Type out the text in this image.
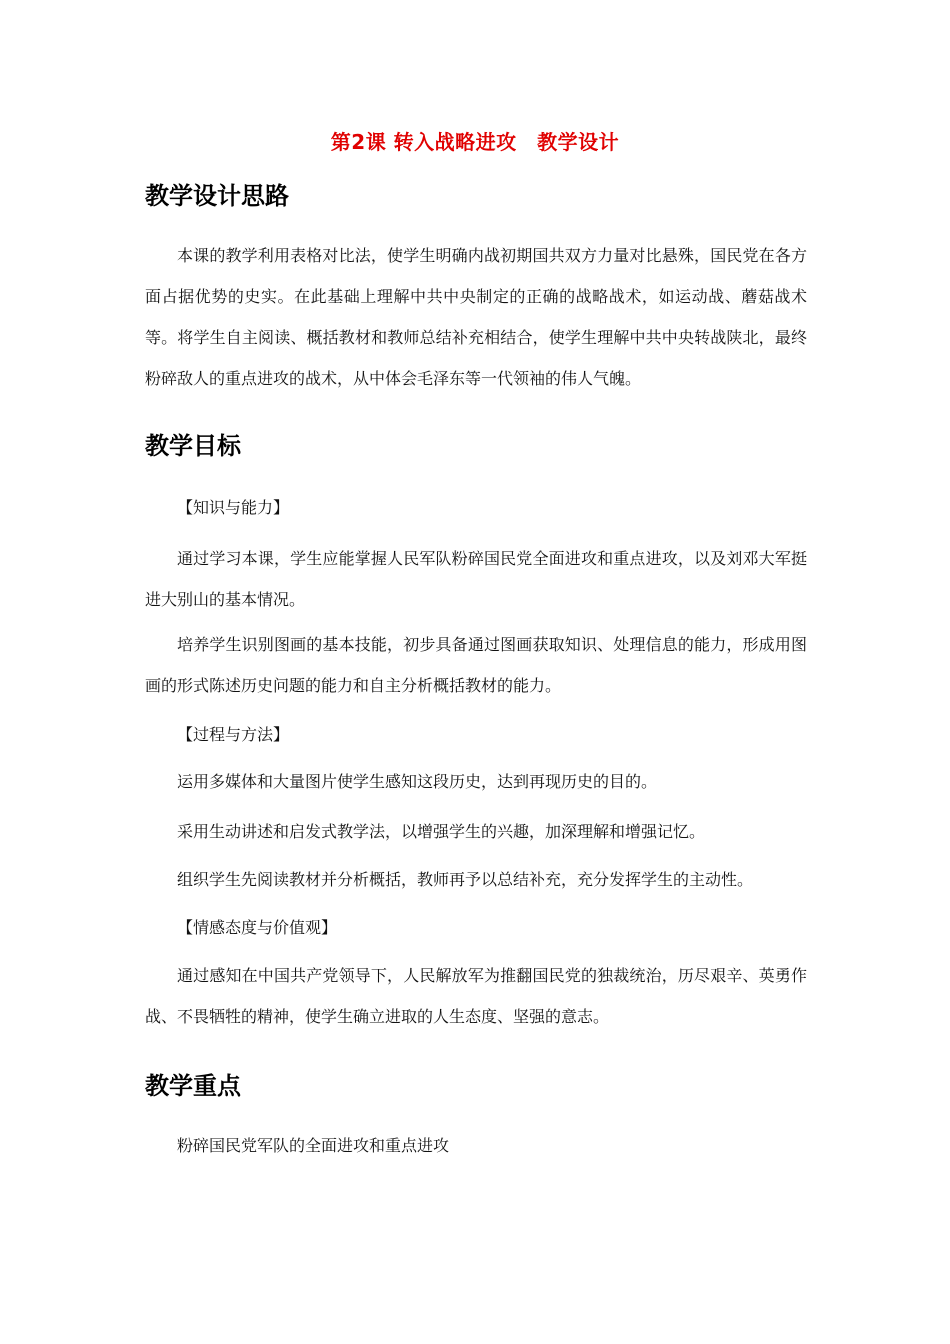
第2课 转入战略进攻　教学设计
教学设计思路

本课的教学利用表格对比法，使学生明确内战初期国共双方力量对比悬殊，国民党在各方面占据优势的史实。在此基础上理解中共中央制定的正确的战略战术，如运动战、蘑菇战术等。将学生自主阅读、概括教材和教师总结补充相结合，使学生理解中共中央转战陕北，最终粉碎敌人的重点进攻的战术，从中体会毛泽东等一代领袖的伟人气魄。

教学目标
【知识与能力】

通过学习本课，学生应能掌握人民军队粉碎国民党全面进攻和重点进攻，以及刘邓大军挺进大别山的基本情况。

培养学生识别图画的基本技能，初步具备通过图画获取知识、处理信息的能力，形成用图画的形式陈述历史问题的能力和自主分析概括教材的能力。

【过程与方法】
运用多媒体和大量图片使学生感知这段历史，达到再现历史的目的。
采用生动讲述和启发式教学法，以增强学生的兴趣，加深理解和增强记忆。
组织学生先阅读教材并分析概括，教师再予以总结补充，充分发挥学生的主动性。
【情感态度与价值观】

通过感知在中国共产党领导下，人民解放军为推翻国民党的独裁统治，历尽艰辛、英勇作战、不畏牺牲的精神，使学生确立进取的人生态度、坚强的意志。

教学重点
粉碎国民党军队的全面进攻和重点进攻
